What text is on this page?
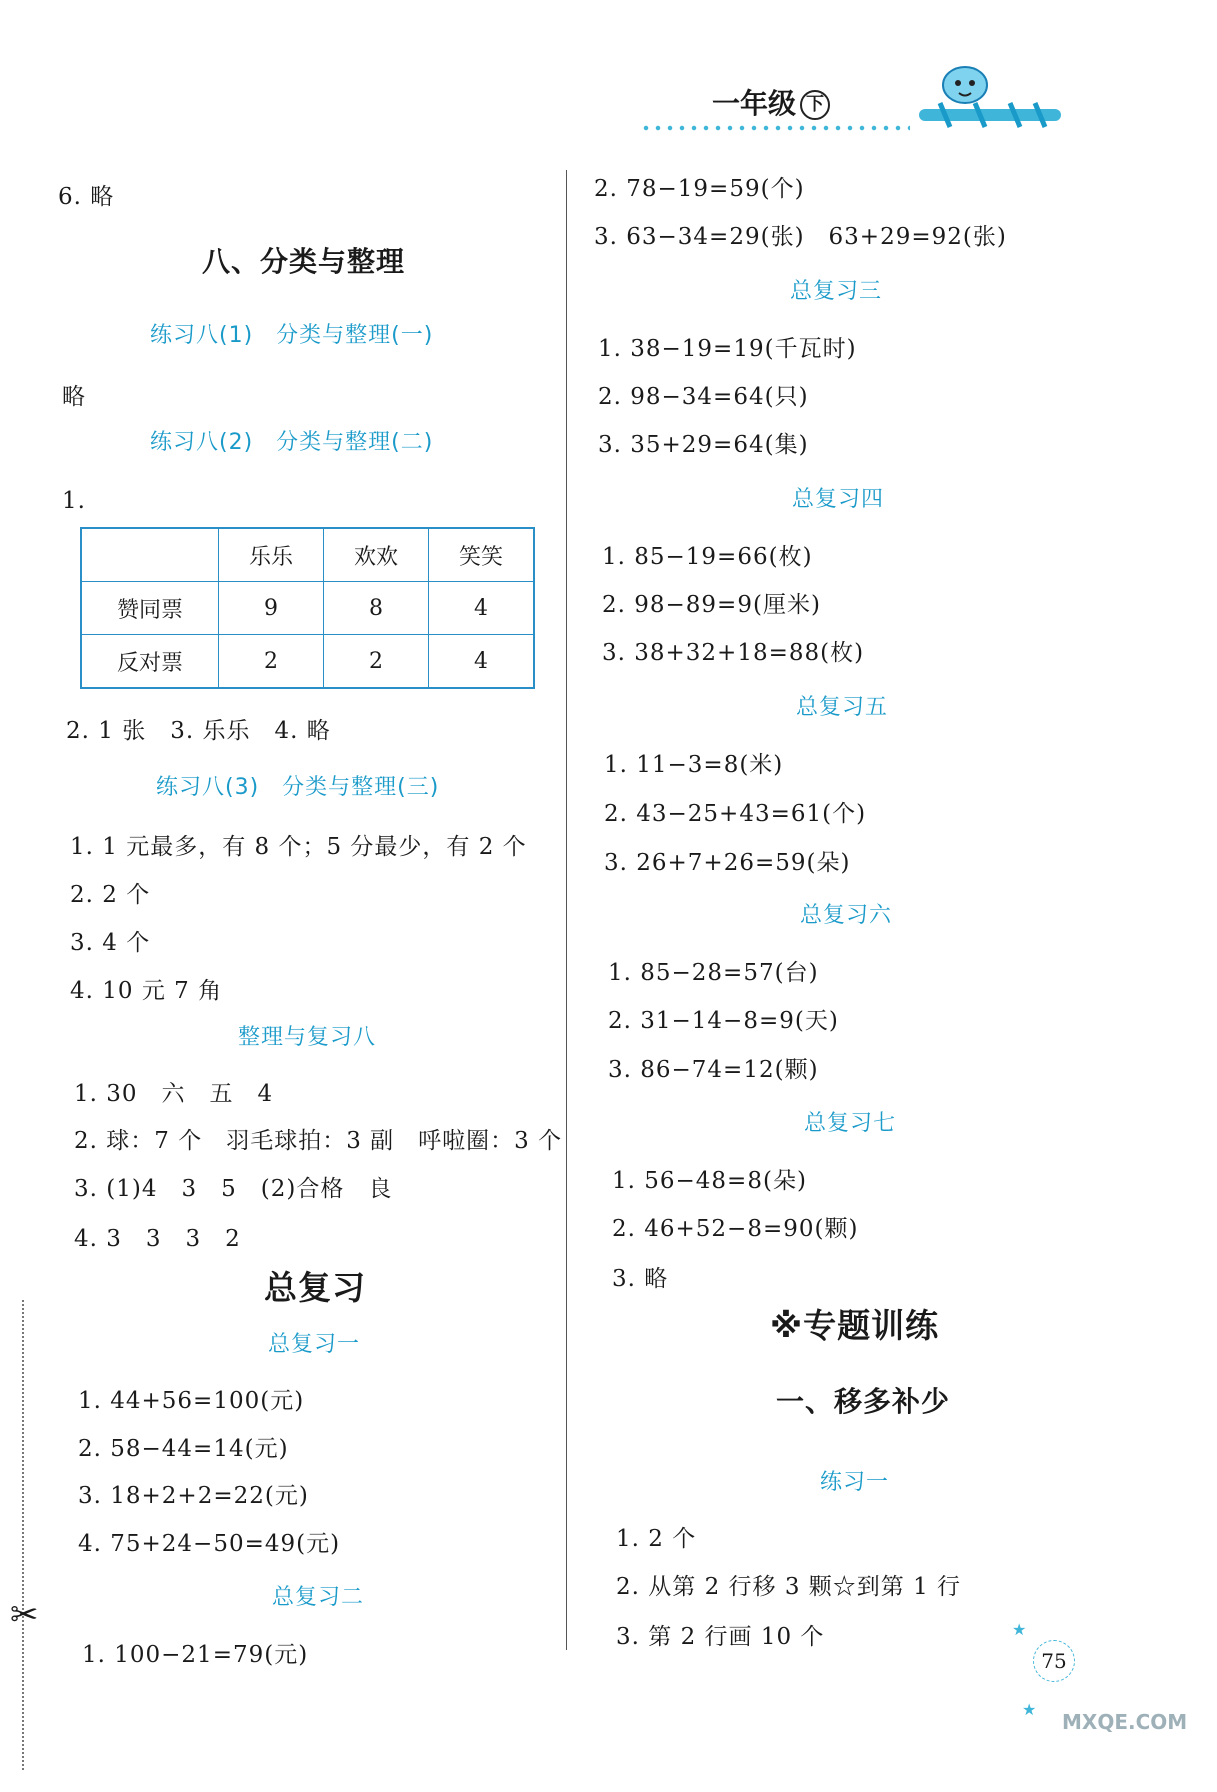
一年级 下
✂
6. 略
八、分类与整理
练习八(1)　分类与整理(一)
略
练习八(2)　分类与整理(二)
1.
	乐乐	欢欢	笑笑
赞同票	9	8	4
反对票	2	2	4
2. 1 张　3. 乐乐　4. 略
练习八(3)　分类与整理(三)
1. 1 元最多，有 8 个；5 分最少，有 2 个
2. 2 个
3. 4 个
4. 10 元 7 角
整理与复习八
1. 30　六　五　4
2. 球：7 个　羽毛球拍：3 副　呼啦圈：3 个
3. (1)4　3　5　(2)合格　良
4. 3　3　3　2
总复习
总复习一
1. 44+56=100(元)
2. 58−44=14(元)
3. 18+2+2=22(元)
4. 75+24−50=49(元)
总复习二
1. 100−21=79(元)
2. 78−19=59(个)
3. 63−34=29(张)　63+29=92(张)
总复习三
1. 38−19=19(千瓦时)
2. 98−34=64(只)
3. 35+29=64(集)
总复习四
1. 85−19=66(枚)
2. 98−89=9(厘米)
3. 38+32+18=88(枚)
总复习五
1. 11−3=8(米)
2. 43−25+43=61(个)
3. 26+7+26=59(朵)
总复习六
1. 85−28=57(台)
2. 31−14−8=9(天)
3. 86−74=12(颗)
总复习七
1. 56−48=8(朵)
2. 46+52−8=90(颗)
3. 略
※专题训练
一、移多补少
练习一
1. 2 个
2. 从第 2 行移 3 颗☆到第 1 行
3. 第 2 行画 10 个	★
★
75
MXQE.COM
